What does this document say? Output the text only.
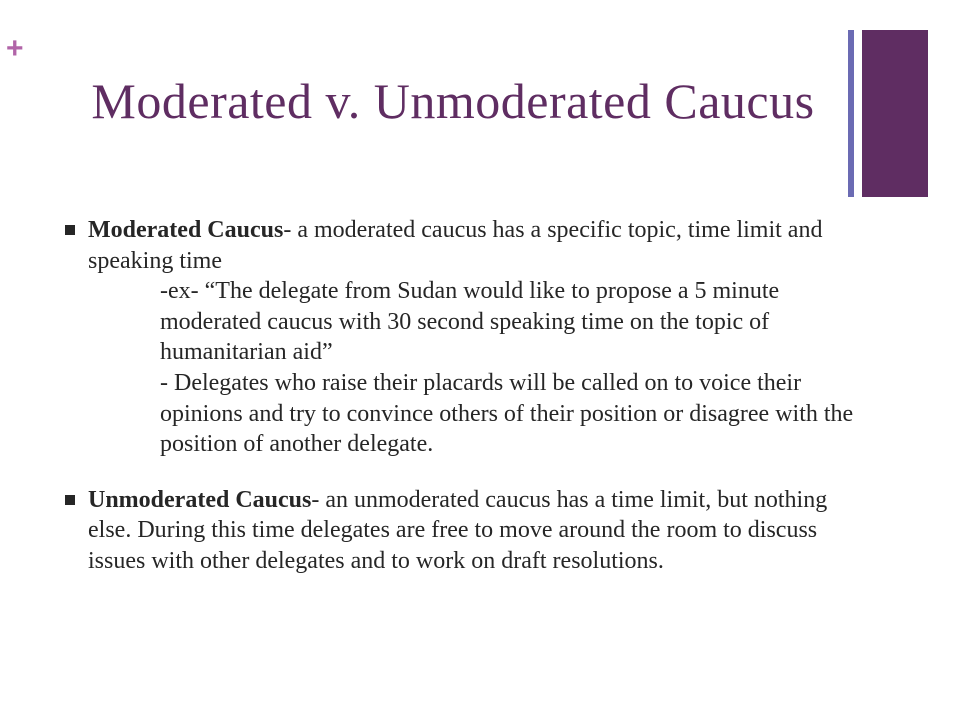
+
Moderated v. Unmoderated Caucus
Moderated Caucus- a moderated caucus has a specific topic, time limit and speaking time
-ex- “The delegate from Sudan would like to propose a 5 minute moderated caucus with 30 second speaking time on the topic of humanitarian aid”
- Delegates who raise their placards will be called on to voice their opinions and try to convince others of their position or disagree with the position of another delegate.
Unmoderated Caucus- an unmoderated caucus has a time limit, but nothing else. During this time delegates are free to move around the room to discuss issues with other delegates and to work on draft resolutions.
